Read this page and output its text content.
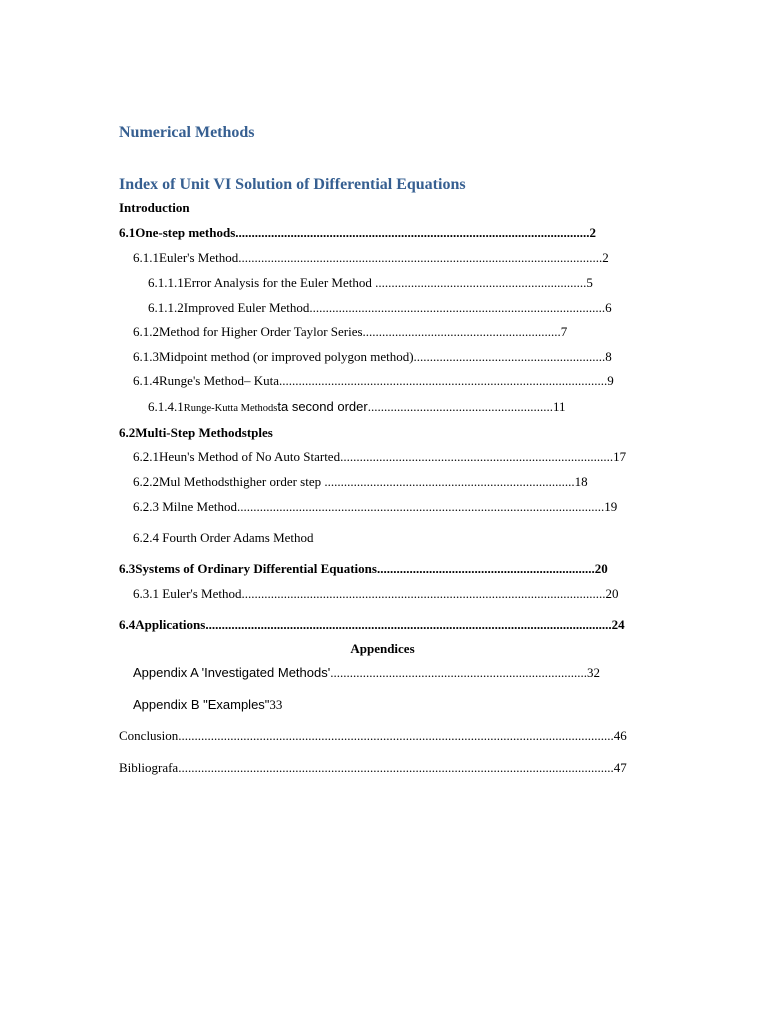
Numerical Methods
Index of Unit VI Solution of Differential Equations
Introduction
6.1One-step methods.............................................................................................................2
6.1.1Euler's Method................................................................................................................2
6.1.1.1Error Analysis for the Euler Method .................................................................5
6.1.1.2Improved Euler Method...........................................................................................6
6.1.2Method for Higher Order Taylor Series.............................................................7
6.1.3Midpoint method (or improved polygon method)...........................................................8
6.1.4Runge's Method– Kuta.....................................................................................................9
6.1.4.1Runge-Kutta Methodsta second order.........................................................11
6.2Multi-Step Methodstples
6.2.1Heun's Method of No Auto Started....................................................................................17
6.2.2Mul Methodsthigher order step .............................................................................18
6.2.3 Milne Method.................................................................................................................19
6.2.4 Fourth Order Adams Method
6.3Systems of Ordinary Differential Equations...................................................................20
6.3.1 Euler's Method................................................................................................................20
6.4Applications.............................................................................................................................24
Appendices
Appendix A 'Investigated Methods'...............................................................................32
Appendix B "Examples"33
Conclusion......................................................................................................................................46
Bibliografa......................................................................................................................................47
